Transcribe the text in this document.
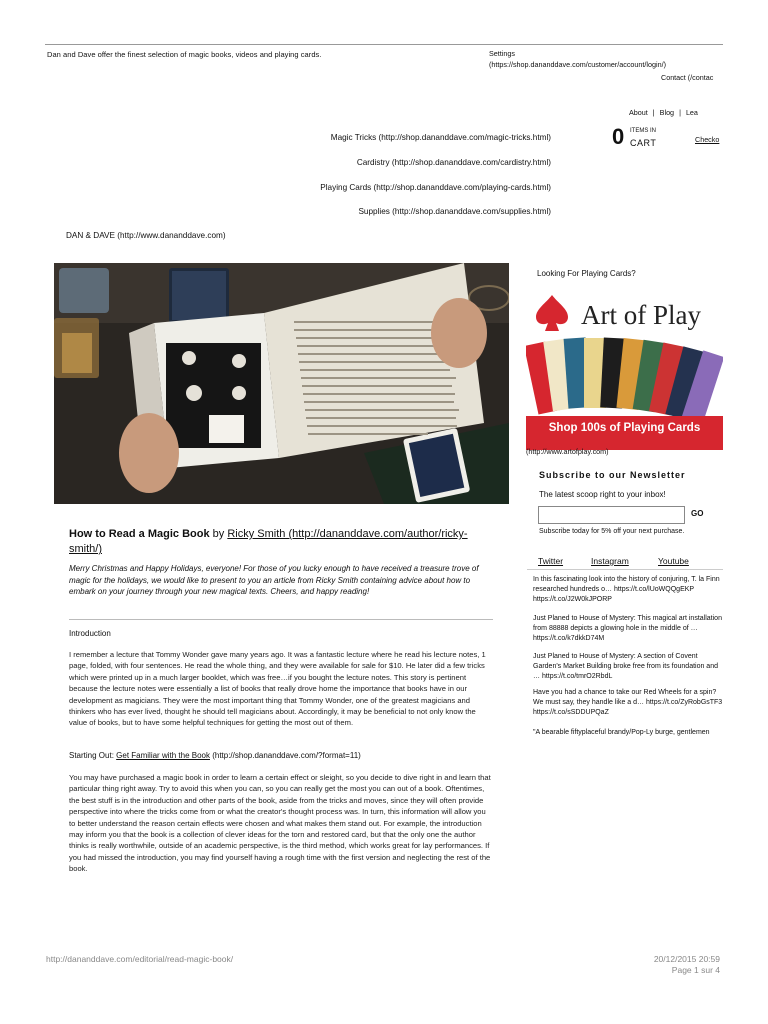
Dan and Dave offer the finest selection of magic books, videos and playing cards.	Settings
(https://shop.dananddave.com/customer/account/login/)
Contact (/contac
About | Blog | Lea
0 ITEMS IN
CART	Checko
Magic Tricks (http://shop.dananddave.com/magic-tricks.html)
Cardistry (http://shop.dananddave.com/cardistry.html)
Playing Cards (http://shop.dananddave.com/playing-cards.html)
Supplies (http://shop.dananddave.com/supplies.html)
DAN & DAVE (http://www.dananddave.com)
Looking For Playing Cards?
Art of Play
Shop 100s of Playing Cards
(http://www.artofplay.com)
Subscribe to our Newsletter
The latest scoop right to your inbox!
GO
Subscribe today for 5% off your next purchase.
Twitter	Instagram	Youtube
In this fascinating look into the history of conjuring, T. la Finn researched hundreds o… https://t.co/lUoWQQgEKP https://t.co/J2W0kJPORP
Just Planed to House of Mystery: This magical art installation from 88888 depicts a glowing hole in the middle of … https://t.co/k7dkkD74M
Just Planed to House of Mystery: A section of Covent Garden's Market Building broke free from its foundation and … https://t.co/tmrO2RbdL
Have you had a chance to take our Red Wheels for a spin? We must say, they handle like a d… https://t.co/ZyRobGsTF3 https://t.co/sSDDUPQaZ
"A bearable fiftyplaceful brandy/Pop-Ly burge, gentlemen
How to Read a Magic Book by Ricky Smith (http://dananddave.com/author/ricky-smith/)
Merry Christmas and Happy Holidays, everyone! For those of you lucky enough to have received a treasure trove of magic for the holidays, we would like to present to you an article from Ricky Smith containing advice about how to embark on your journey through your new magical texts. Cheers, and happy reading!
Introduction
I remember a lecture that Tommy Wonder gave many years ago. It was a fantastic lecture where he read his lecture notes, 1 page, folded, with four sentences. He read the whole thing, and they were available for sale for $10. He later did a few tricks which were printed up in a much larger booklet, which was free…if you bought the lecture notes. This story is pertinent because the lecture notes were essentially a list of books that really drove home the importance that books have in our development as magicians. They were the most important thing that Tommy Wonder, one of the greatest magicians and thinkers who has ever lived, thought he should tell magicians about. Accordingly, it may be beneficial to not only know the value of books, but to have some helpful techniques for getting the most out of them.
Starting Out: Get Familiar with the Book (http://shop.dananddave.com/?format=11)
You may have purchased a magic book in order to learn a certain effect or sleight, so you decide to dive right in and learn that particular thing right away. Try to avoid this when you can, so you can really get the most you can out of a book. Oftentimes, the best stuff is in the introduction and other parts of the book, aside from the tricks and moves, since they will often provide perspective into where the tricks come from or what the creator's thought process was. In turn, this information will allow you to better understand the reason certain effects were chosen and what makes them stand out. For example, the introduction may inform you that the book is a collection of clever ideas for the torn and restored card, but that the only one the author thinks is really worthwhile, outside of an academic perspective, is the third method, which works great for lay performances. If you had missed the introduction, you may find yourself having a rough time with the first version and neglecting the rest of the book.
http://dananddave.com/editorial/read-magic-book/	20/12/2015 20:59
Page 1 sur 4
